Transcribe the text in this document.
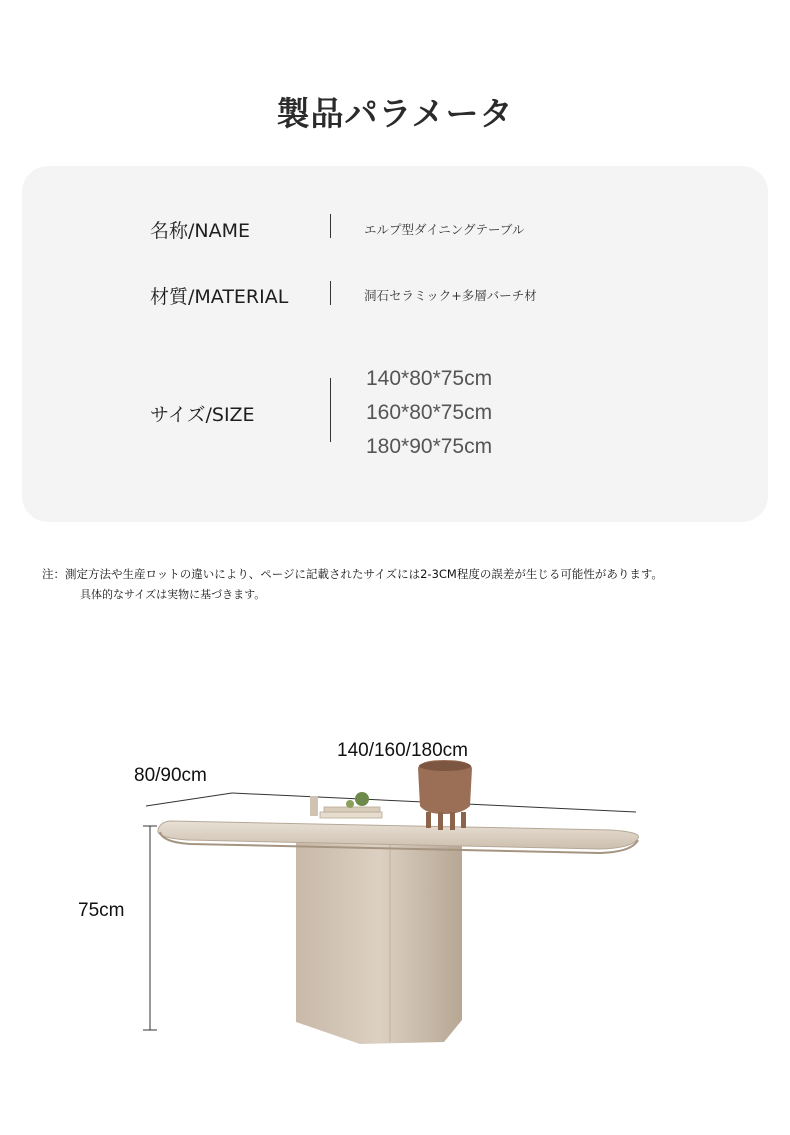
製品パラメータ
名称/NAME	エルプ型ダイニングテーブル
材質/MATERIAL	洞石セラミック+多層バーチ材
サイズ/SIZE
140*80*75cm
160*80*75cm
180*90*75cm
注：測定方法や生産ロットの違いにより、ページに記載されたサイズには2-3CM程度の誤差が生じる可能性があります。
具体的なサイズは実物に基づきます。
140/160/180cm
80/90cm
75cm
